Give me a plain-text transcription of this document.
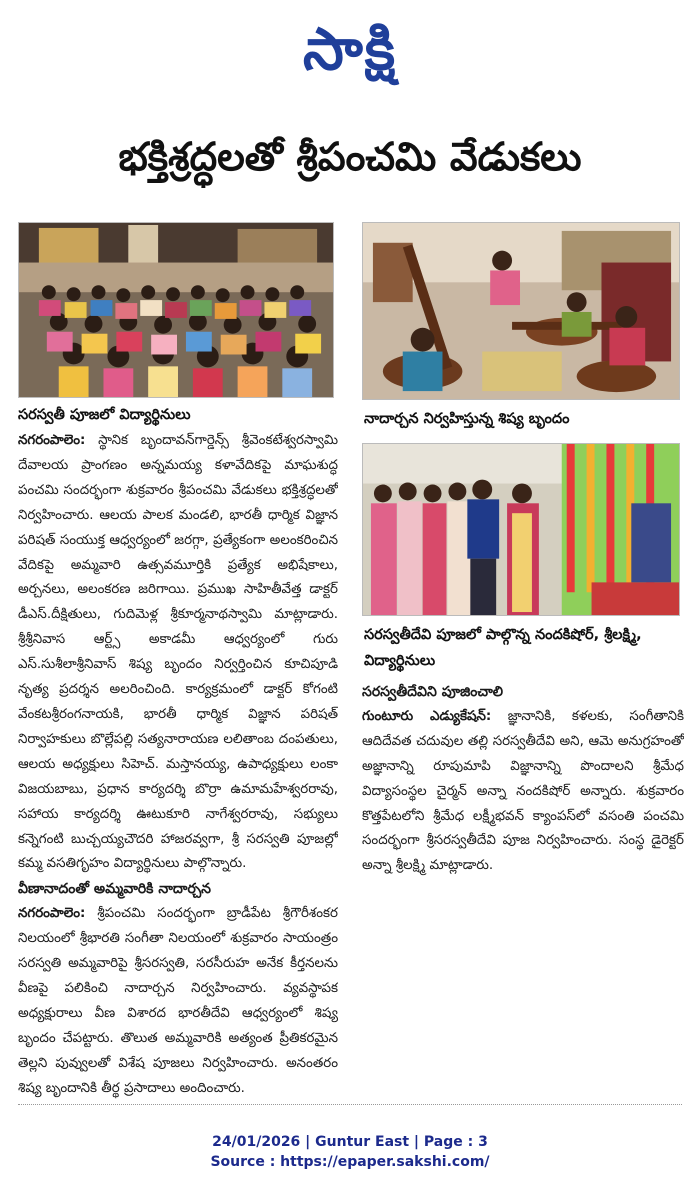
సాక్షి
భక్తిశ్రద్ధలతో శ్రీపంచమి వేడుకలు
సరస్వతీ పూజలో విద్యార్థినులు	నాదార్చన నిర్వహిస్తున్న శిష్య బృందం
సరస్వతీదేవి పూజలో పాల్గొన్న నందకిషోర్, శ్రీలక్ష్మి, విద్యార్థినులు

నగరంపాలెం: స్థానిక బృందావన్‌గార్డెన్స్ శ్రీవెంకటేశ్వరస్వామి దేవాలయ ప్రాంగణం అన్నమయ్య కళావేదికపై మాఘశుద్ధ పంచమి సందర్భంగా శుక్రవారం శ్రీపంచమి వేడుకలు భక్తిశ్రద్ధలతో నిర్వహించారు. ఆలయ పాలక మండలి, భారతీ ధార్మిక విజ్ఞాన పరిషత్ సంయుక్త ఆధ్వర్యంలో జరగ్గా, ప్రత్యేకంగా అలంకరించిన వేదికపై అమ్మవారి ఉత్సవమూర్తికి ప్రత్యేక అభిషేకాలు, అర్చనలు, అలంకరణ జరిగాయి. ప్రముఖ సాహితీవేత్త డాక్టర్ డీఎస్.దీక్షితులు, గుదిమెళ్ల శ్రీకూర్మనాథస్వామి మాట్లాడారు. శ్రీశ్రీనివాస ఆర్ట్స్ అకాడమీ ఆధ్వర్యంలో గురు ఎస్.సుశీలాశ్రీనివాస్ శిష్య బృందం నిర్వర్తించిన కూచిపూడి నృత్య ప్రదర్శన అలరించింది. కార్యక్రమంలో డాక్టర్ కోగంటి వేంకటశ్రీరంగనాయకి, భారతీ ధార్మిక విజ్ఞాన పరిషత్ నిర్వాహకులు బొల్లేపల్లి సత్యనారాయణ లలితాంబ దంపతులు, ఆలయ అధ్యక్షులు సిహెచ్. మస్తానయ్య, ఉపాధ్యక్షులు లంకా విజయబాబు, ప్రధాన కార్యదర్శి బొర్రా ఉమామహేశ్వరరావు, సహాయ కార్యదర్శి ఊటుకూరి నాగేశ్వరరావు, సభ్యులు కన్నెగంటి బుచ్చయ్యచౌదరి హాజరవ్వగా, శ్రీ సరస్వతి పూజల్లో కమ్మ వసతిగృహం విద్యార్థినులు పాల్గొన్నారు.

వీణానాదంతో అమ్మవారికి నాదార్చన

నగరంపాలెం: శ్రీపంచమి సందర్భంగా బ్రాడీపేట శ్రీగౌరీశంకర నిలయంలో శ్రీభారతి సంగీతా నిలయంలో శుక్రవారం సాయంత్రం సరస్వతి అమ్మవారిపై శ్రీసరస్వతి, సరసీరుహ అనేక కీర్తనలను వీణపై పలికించి నాదార్చన నిర్వహించారు. వ్యవస్థాపక అధ్యక్షురాలు వీణ విశారద భారతీదేవి ఆధ్వర్యంలో శిష్య బృందం చేపట్టారు. తొలుత అమ్మవారికి అత్యంత ప్రీతికరమైన తెల్లని పువ్వులతో విశేష పూజలు నిర్వహించారు. అనంతరం శిష్య బృందానికి తీర్థ ప్రసాదాలు అందించారు.

సరస్వతీదేవిని పూజించాలి

గుంటూరు ఎడ్యుకేషన్: జ్ఞానానికి, కళలకు, సంగీతానికి ఆదిదేవత చదువుల తల్లి సరస్వతీదేవి అని, ఆమె అనుగ్రహంతో అజ్ఞానాన్ని రూపుమాపి విజ్ఞానాన్ని పొందాలని శ్రీమేధ విద్యాసంస్థల చైర్మన్ అన్నా నందకిషోర్ అన్నారు. శుక్రవారం కొత్తపేటలోని శ్రీమేధ లక్ష్మీభవన్ క్యాంపస్‌లో వసంతి పంచమి సందర్భంగా శ్రీసరస్వతీదేవి పూజ నిర్వహించారు. సంస్థ డైరెక్టర్ అన్నా శ్రీలక్ష్మి మాట్లాడారు.

24/01/2026 | Guntur East | Page : 3
Source : https://epaper.sakshi.com/
